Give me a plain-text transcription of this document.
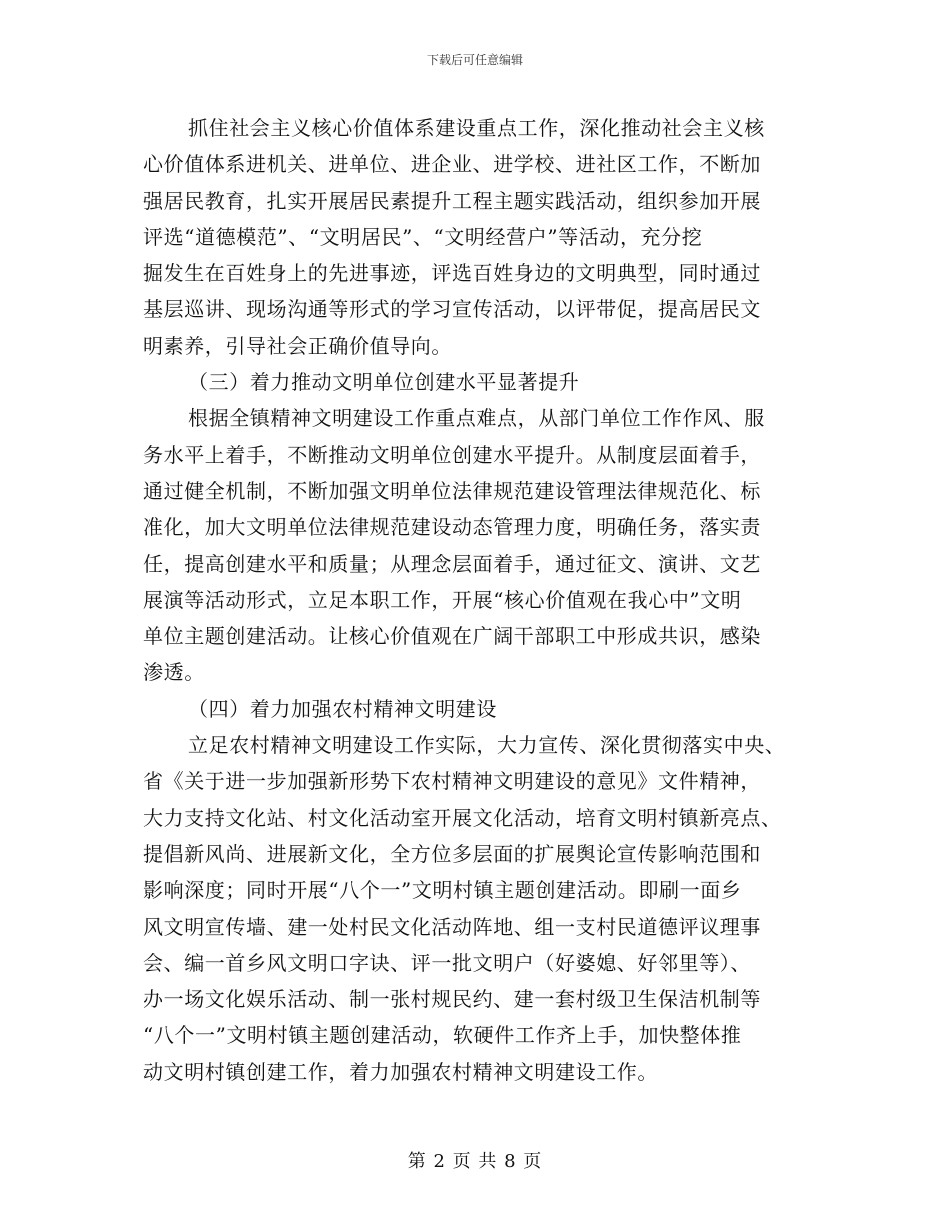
下载后可任意编辑
抓住社会主义核心价值体系建设重点工作，深化推动社会主义核
心价值体系进机关、进单位、进企业、进学校、进社区工作，不断加
强居民教育，扎实开展居民素提升工程主题实践活动，组织参加开展
评选“道德模范”、“文明居民”、“文明经营户”等活动，充分挖
掘发生在百姓身上的先进事迹，评选百姓身边的文明典型，同时通过
基层巡讲、现场沟通等形式的学习宣传活动，以评带促，提高居民文
明素养，引导社会正确价值导向。
（三）着力推动文明单位创建水平显著提升
根据全镇精神文明建设工作重点难点，从部门单位工作作风、服
务水平上着手，不断推动文明单位创建水平提升。从制度层面着手，
通过健全机制，不断加强文明单位法律规范建设管理法律规范化、标
准化，加大文明单位法律规范建设动态管理力度，明确任务，落实责
任，提高创建水平和质量；从理念层面着手，通过征文、演讲、文艺
展演等活动形式，立足本职工作，开展“核心价值观在我心中”文明
单位主题创建活动。让核心价值观在广阔干部职工中形成共识，感染
渗透。
（四）着力加强农村精神文明建设
立足农村精神文明建设工作实际，大力宣传、深化贯彻落实中央、
省《关于进一步加强新形势下农村精神文明建设的意见》文件精神，
大力支持文化站、村文化活动室开展文化活动，培育文明村镇新亮点、
提倡新风尚、进展新文化，全方位多层面的扩展舆论宣传影响范围和
影响深度；同时开展“八个一”文明村镇主题创建活动。即刷一面乡
风文明宣传墙、建一处村民文化活动阵地、组一支村民道德评议理事
会、编一首乡风文明口字诀、评一批文明户（好婆媳、好邻里等）、
办一场文化娱乐活动、制一张村规民约、建一套村级卫生保洁机制等
“八个一”文明村镇主题创建活动，软硬件工作齐上手，加快整体推
动文明村镇创建工作，着力加强农村精神文明建设工作。
第 2 页 共 8 页
